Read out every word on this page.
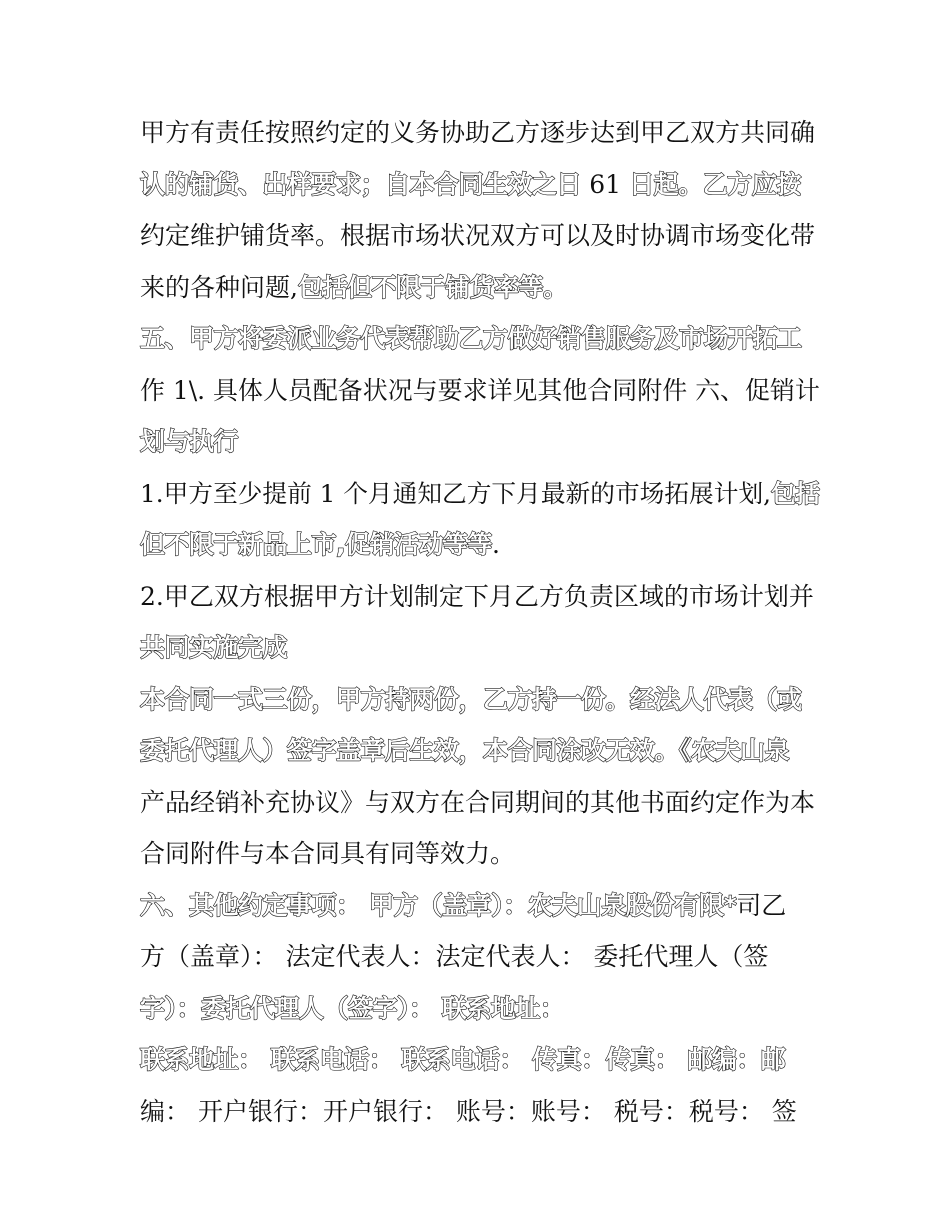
甲方有责任按照约定的义务协助乙方逐步达到甲乙双方共同确
认的铺货、出样要求；自本合同生效之日 61 日起。乙方应按
约定维护铺货率。根据市场状况双方可以及时协调市场变化带
来的各种问题,包括但不限于铺货率等。
五、甲方将委派业务代表帮助乙方做好销售服务及市场开拓工
作 1\. 具体人员配备状况与要求详见其他合同附件 六、促销计
划与执行
1.甲方至少提前 1 个月通知乙方下月最新的市场拓展计划,包括
但不限于新品上市,促销活动等等.
2.甲乙双方根据甲方计划制定下月乙方负责区域的市场计划并
共同实施完成
本合同一式三份，甲方持两份，乙方持一份。经法人代表（或
委托代理人）签字盖章后生效，本合同涂改无效。《农夫山泉
产品经销补充协议》与双方在合同期间的其他书面约定作为本
合同附件与本合同具有同等效力。
六、其他约定事项： 甲方（盖章）：农夫山泉股份有限*司乙
方（盖章）： 法定代表人：法定代表人： 委托代理人（签
字）：委托代理人（签字）： 联系地址：
联系地址： 联系电话： 联系电话： 传真：传真： 邮编：邮
编： 开户银行：开户银行： 账号：账号： 税号：税号： 签
